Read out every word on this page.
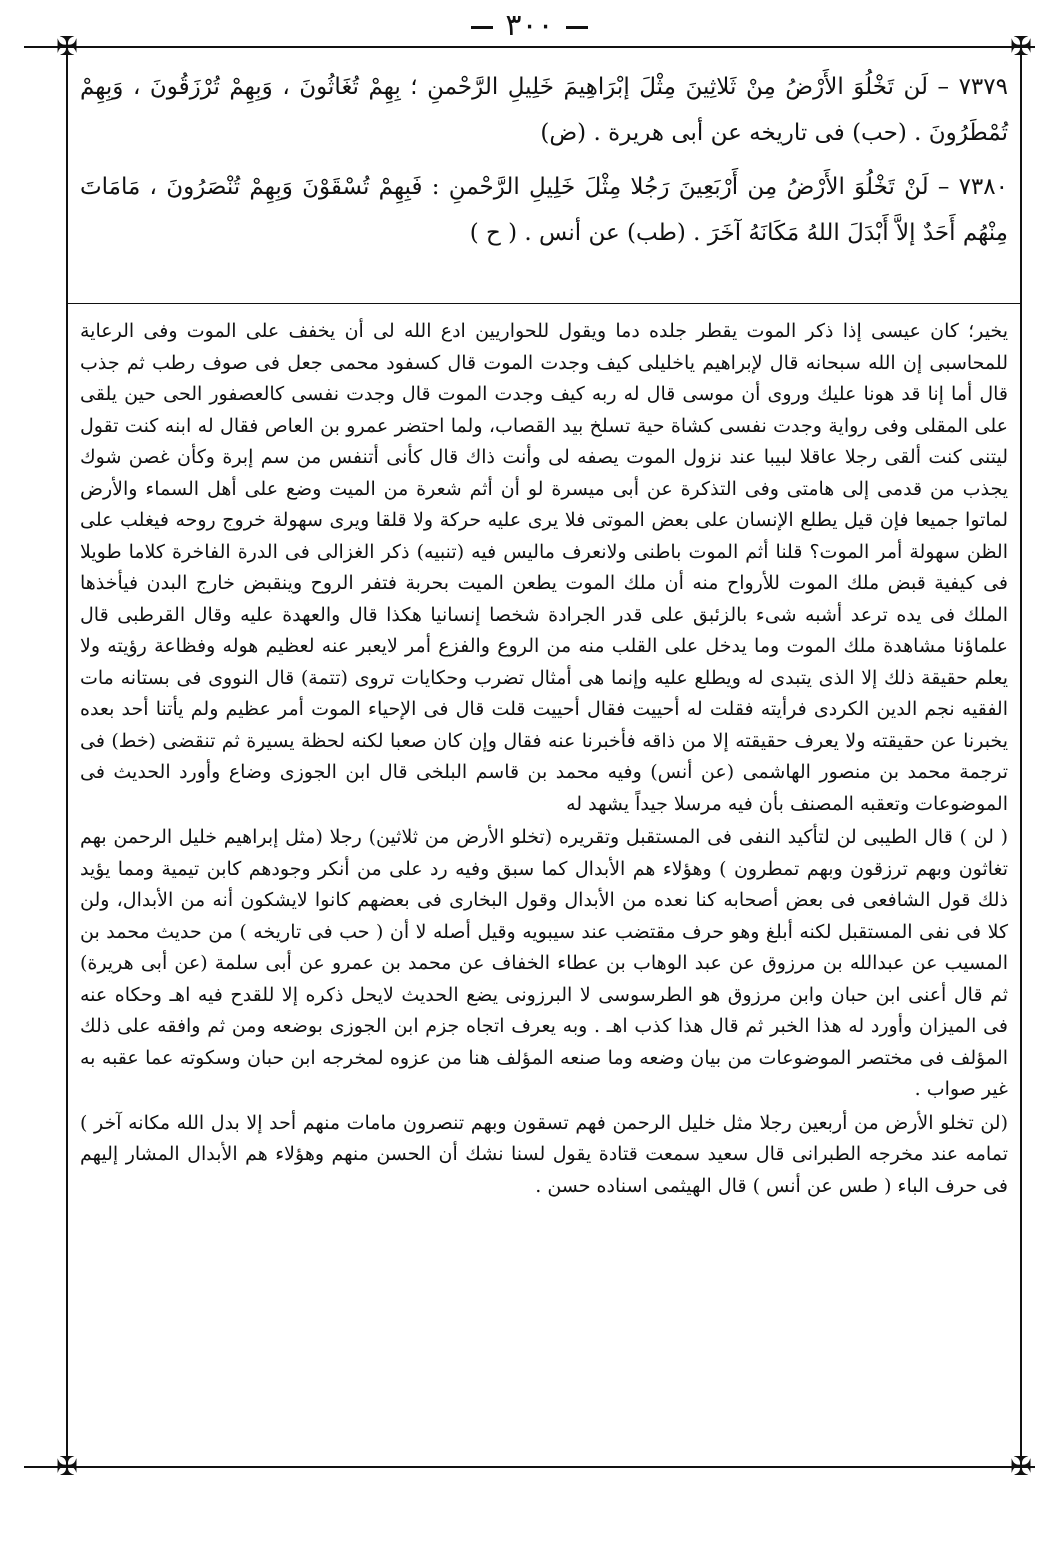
٣٠٠
✠	✠
✠	✠

٧٣٧٩ – لَن تَخْلُوَ الأَرْضُ مِنْ ثَلاثِينَ مِثْلَ إبْرَاهِيمَ خَلِيلِ الرَّحْمنِ ؛ بِهِمْ تُغَاثُونَ ، وَبِهِمْ تُرْزَقُونَ ، وَبِهِمْ تُمْطَرُونَ . (حب) فى تاريخه عن أبى هريرة . (ض)

٧٣٨٠ – لَنْ تَخْلُوَ الأَرْضُ مِن أَرْبَعِينَ رَجُلا مِثْلَ خَلِيلِ الرَّحْمنِ : فَبِهِمْ تُسْقَوْنَ وَبِهِمْ تُنْصَرُونَ ، مَامَاتَ مِنْهُم أَحَدٌ إلاَّ أَبْدَلَ اللهُ مَكَانَهُ آخَرَ . (طب) عن أنس . ( ح )

يخير؛ كان عيسى إذا ذكر الموت يقطر جلده دما ويقول للحواريين ادع الله لى أن يخفف على الموت وفى الرعاية للمحاسبى إن الله سبحانه قال لإبراهيم ياخليلى كيف وجدت الموت قال كسفود محمى جعل فى صوف رطب ثم جذب قال أما إنا قد هونا عليك وروى أن موسى قال له ربه كيف وجدت الموت قال وجدت نفسى كالعصفور الحى حين يلقى على المقلى وفى رواية وجدت نفسى كشاة حية تسلخ بيد القصاب، ولما احتضر عمرو بن العاص فقال له ابنه كنت تقول ليتنى كنت ألقى رجلا عاقلا لبيبا عند نزول الموت يصفه لى وأنت ذاك قال كأنى أتنفس من سم إبرة وكأن غصن شوك يجذب من قدمى إلى هامتى وفى التذكرة عن أبى ميسرة لو أن أثم شعرة من الميت وضع على أهل السماء والأرض لماتوا جميعا فإن قيل يطلع الإنسان على بعض الموتى فلا يرى عليه حركة ولا قلقا ويرى سهولة خروج روحه فيغلب على الظن سهولة أمر الموت؟ قلنا أثم الموت باطنى ولانعرف ماليس فيه (تنبيه) ذكر الغزالى فى الدرة الفاخرة كلاما طويلا فى كيفية قبض ملك الموت للأرواح منه أن ملك الموت يطعن الميت بحربة فتفر الروح وينقبض خارج البدن فيأخذها الملك فى يده ترعد أشبه شىء بالزئبق على قدر الجرادة شخصا إنسانيا هكذا قال والعهدة عليه وقال القرطبى قال علماؤنا مشاهدة ملك الموت وما يدخل على القلب منه من الروع والفزع أمر لايعبر عنه لعظيم هوله وفظاعة رؤيته ولا يعلم حقيقة ذلك إلا الذى يتبدى له ويطلع عليه وإنما هى أمثال تضرب وحكايات تروى (تتمة) قال النووى فى بستانه مات الفقيه نجم الدين الكردى فرأيته فقلت له أحييت فقال أحييت قلت قال فى الإحياء الموت أمر عظيم ولم يأتنا أحد بعده يخبرنا عن حقيقته ولا يعرف حقيقته إلا من ذاقه فأخبرنا عنه فقال وإن كان صعبا لكنه لحظة يسيرة ثم تنقضى (خط) فى ترجمة محمد بن منصور الهاشمى (عن أنس) وفيه محمد بن قاسم البلخى قال ابن الجوزى وضاع وأورد الحديث فى الموضوعات وتعقبه المصنف بأن فيه مرسلا جيداً يشهد له

( لن ) قال الطيبى لن لتأكيد النفى فى المستقبل وتقريره (تخلو الأرض من ثلاثين) رجلا (مثل إبراهيم خليل الرحمن بهم تغاثون وبهم ترزقون وبهم تمطرون ) وهؤلاء هم الأبدال كما سبق وفيه رد على من أنكر وجودهم كابن تيمية ومما يؤيد ذلك قول الشافعى فى بعض أصحابه كنا نعده من الأبدال وقول البخارى فى بعضهم كانوا لايشكون أنه من الأبدال، ولن كلا فى نفى المستقبل لكنه أبلغ وهو حرف مقتضب عند سيبويه وقيل أصله لا أن ( حب فى تاريخه ) من حديث محمد بن المسيب عن عبدالله بن مرزوق عن عبد الوهاب بن عطاء الخفاف عن محمد بن عمرو عن أبى سلمة (عن أبى هريرة) ثم قال أعنى ابن حبان وابن مرزوق هو الطرسوسى لا البرزونى يضع الحديث لايحل ذكره إلا للقدح فيه اهـ وحكاه عنه فى الميزان وأورد له هذا الخبر ثم قال هذا كذب اهـ . وبه يعرف اتجاه جزم ابن الجوزى بوضعه ومن ثم وافقه على ذلك المؤلف فى مختصر الموضوعات من بيان وضعه وما صنعه المؤلف هنا من عزوه لمخرجه ابن حبان وسكوته عما عقبه به غير صواب .

(لن تخلو الأرض من أربعين رجلا مثل خليل الرحمن فهم تسقون وبهم تنصرون مامات منهم أحد إلا بدل الله مكانه آخر ) تمامه عند مخرجه الطبرانى قال سعيد سمعت قتادة يقول لسنا نشك أن الحسن منهم وهؤلاء هم الأبدال المشار إليهم فى حرف الباء ( طس عن أنس ) قال الهيثمى اسناده حسن .
